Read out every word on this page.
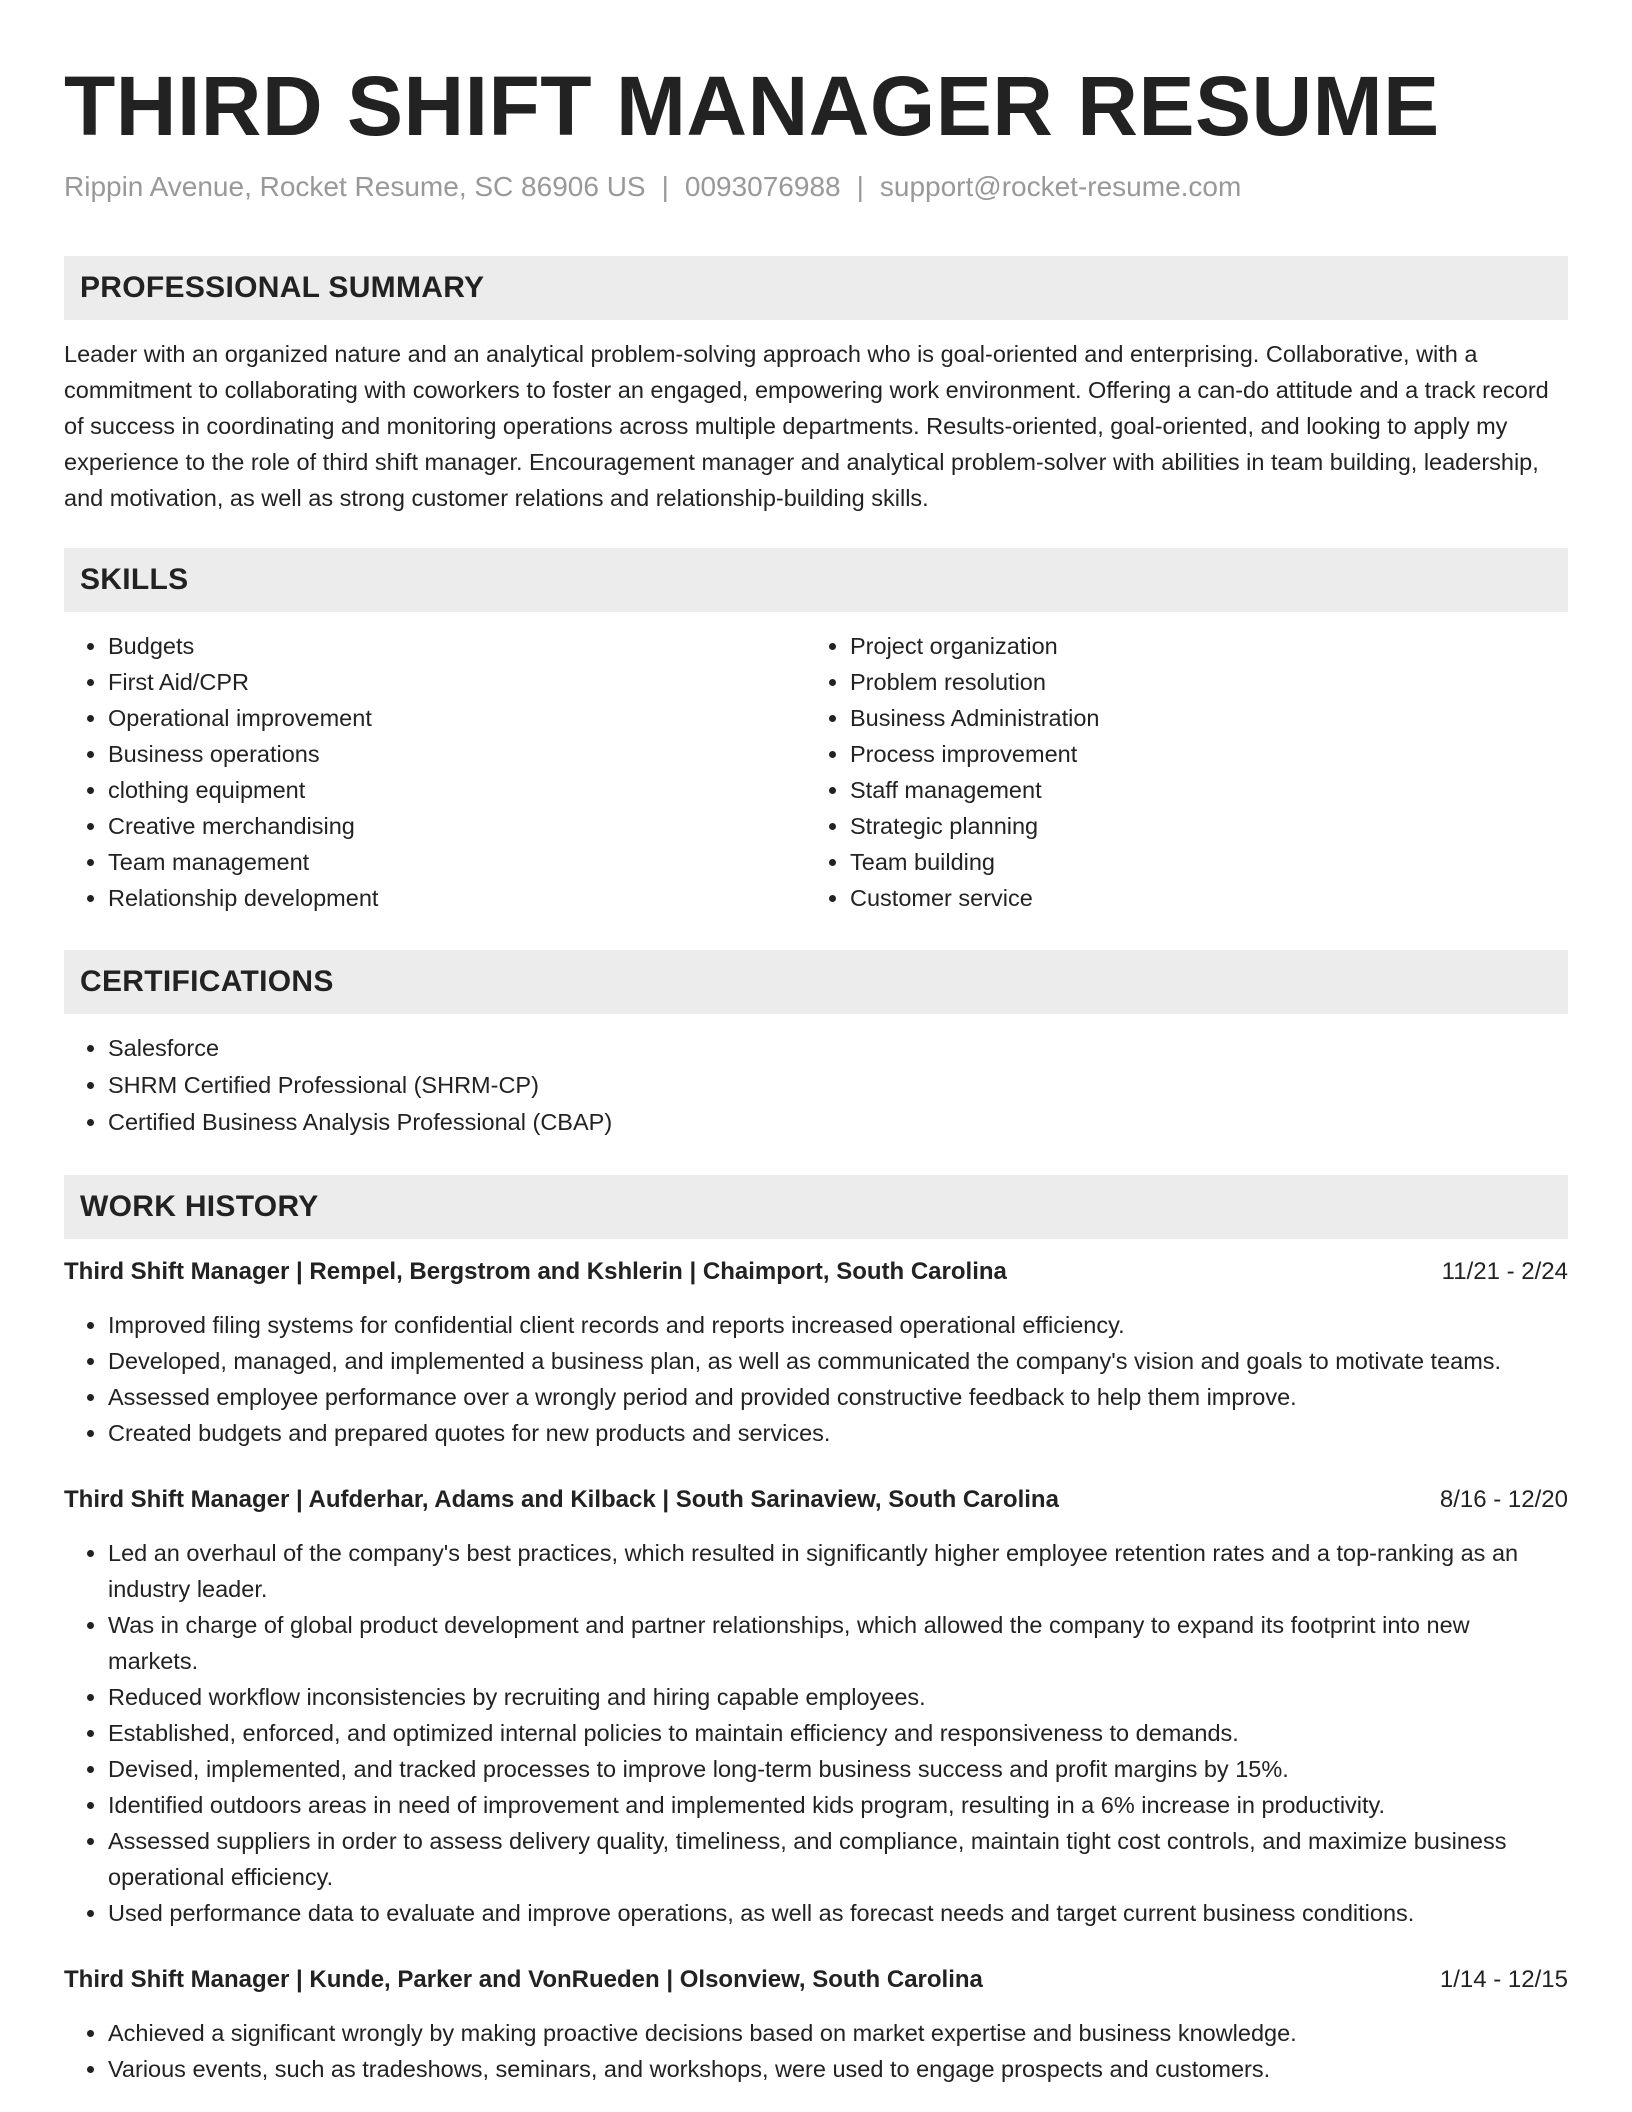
THIRD SHIFT MANAGER RESUME
Rippin Avenue, Rocket Resume, SC 86906 US | 0093076988 | support@rocket-resume.com
PROFESSIONAL SUMMARY

Leader with an organized nature and an analytical problem-solving approach who is goal-oriented and enterprising. Collaborative, with a commitment to collaborating with coworkers to foster an engaged, empowering work environment. Offering a can-do attitude and a track record of success in coordinating and monitoring operations across multiple departments. Results-oriented, goal-oriented, and looking to apply my experience to the role of third shift manager. Encouragement manager and analytical problem-solver with abilities in team building, leadership, and motivation, as well as strong customer relations and relationship-building skills.

SKILLS
• Budgets
• First Aid/CPR
• Operational improvement
• Business operations
• clothing equipment
• Creative merchandising
• Team management
• Relationship development
• Project organization
• Problem resolution
• Business Administration
• Process improvement
• Staff management
• Strategic planning
• Team building
• Customer service
CERTIFICATIONS
• Salesforce
• SHRM Certified Professional (SHRM-CP)
• Certified Business Analysis Professional (CBAP)
WORK HISTORY
Third Shift Manager | Rempel, Bergstrom and Kshlerin | Chaimport, South Carolina	11/21 - 2/24
• Improved filing systems for confidential client records and reports increased operational efficiency.
• Developed, managed, and implemented a business plan, as well as communicated the company's vision and goals to motivate teams.
• Assessed employee performance over a wrongly period and provided constructive feedback to help them improve.
• Created budgets and prepared quotes for new products and services.
Third Shift Manager | Aufderhar, Adams and Kilback | South Sarinaview, South Carolina	8/16 - 12/20
• Led an overhaul of the company's best practices, which resulted in significantly higher employee retention rates and a top-ranking as an industry leader.
• Was in charge of global product development and partner relationships, which allowed the company to expand its footprint into new markets.
• Reduced workflow inconsistencies by recruiting and hiring capable employees.
• Established, enforced, and optimized internal policies to maintain efficiency and responsiveness to demands.
• Devised, implemented, and tracked processes to improve long-term business success and profit margins by 15%.
• Identified outdoors areas in need of improvement and implemented kids program, resulting in a 6% increase in productivity.
• Assessed suppliers in order to assess delivery quality, timeliness, and compliance, maintain tight cost controls, and maximize business operational efficiency.
• Used performance data to evaluate and improve operations, as well as forecast needs and target current business conditions.
Third Shift Manager | Kunde, Parker and VonRueden | Olsonview, South Carolina	1/14 - 12/15
• Achieved a significant wrongly by making proactive decisions based on market expertise and business knowledge.
• Various events, such as tradeshows, seminars, and workshops, were used to engage prospects and customers.
